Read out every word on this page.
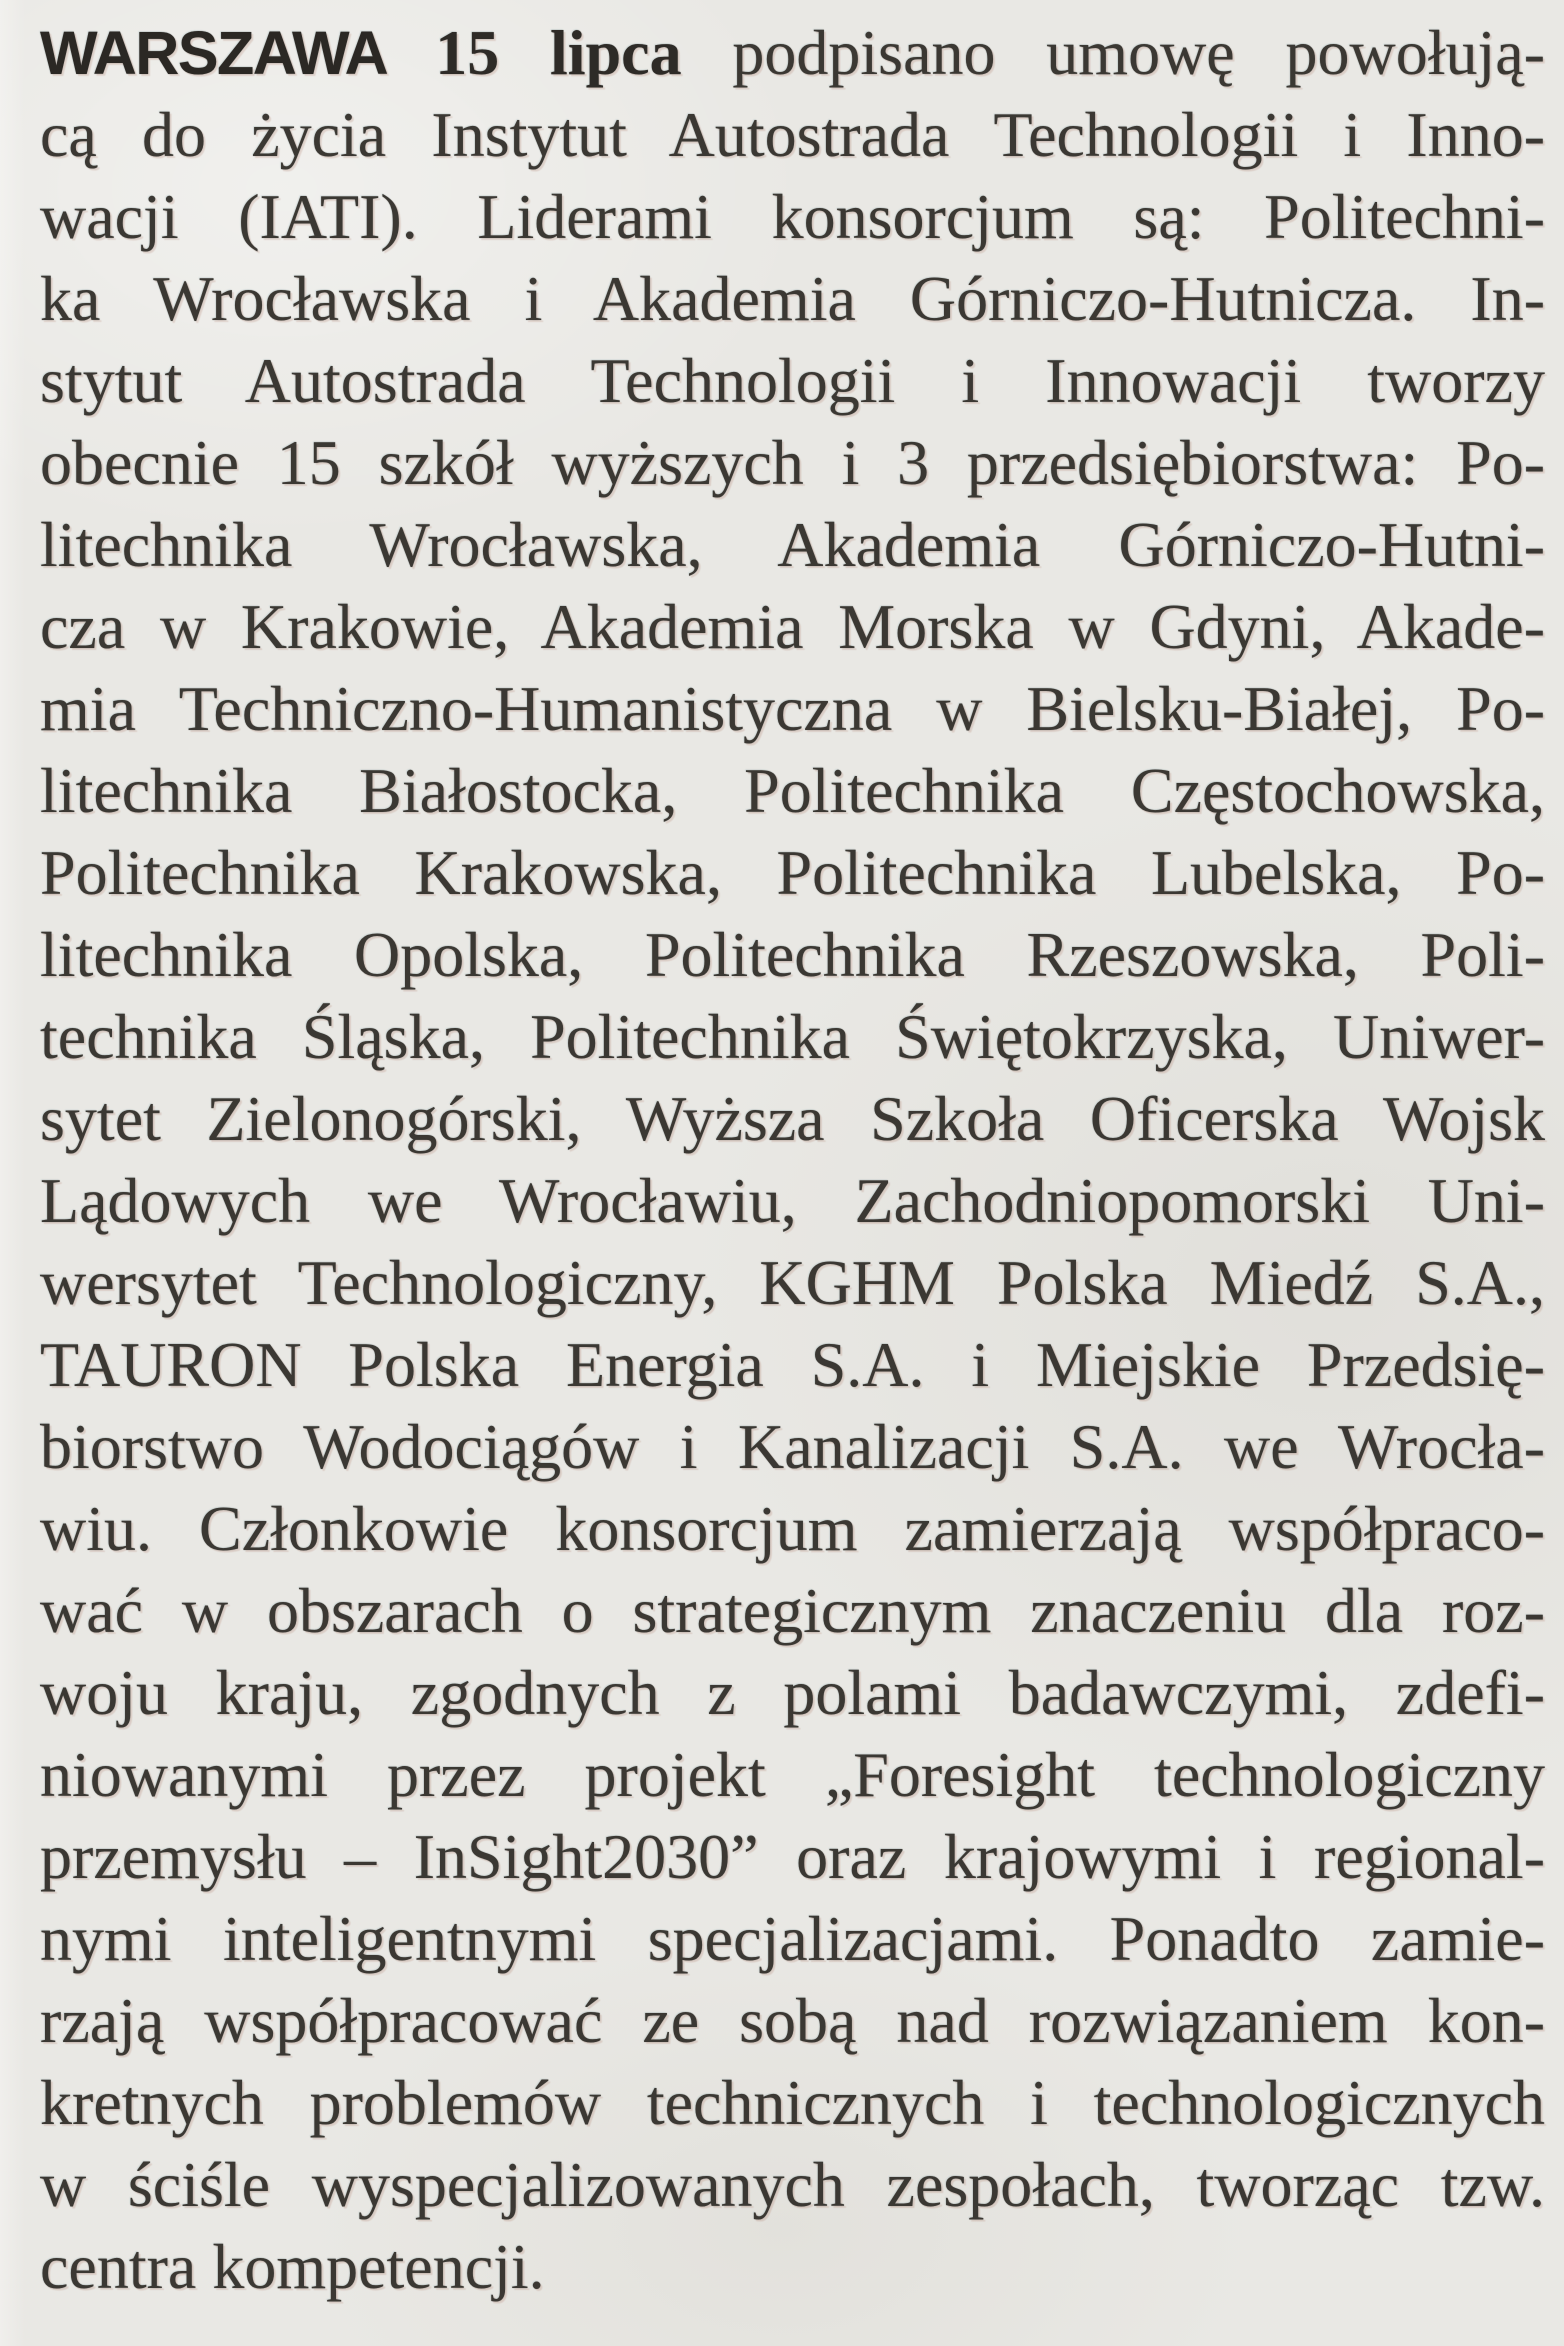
WARSZAWA 15 lipca podpisano umowę powołują-
cą do życia Instytut Autostrada Technologii i Inno-
wacji (IATI). Liderami konsorcjum są: Politechni-
ka Wrocławska i Akademia Górniczo-Hutnicza. In-
stytut Autostrada Technologii i Innowacji tworzy
obecnie 15 szkół wyższych i 3 przedsiębiorstwa: Po-
litechnika Wrocławska, Akademia Górniczo-Hutni-
cza w Krakowie, Akademia Morska w Gdyni, Akade-
mia Techniczno-Humanistyczna w Bielsku-Białej, Po-
litechnika Białostocka, Politechnika Częstochowska,
Politechnika Krakowska, Politechnika Lubelska, Po-
litechnika Opolska, Politechnika Rzeszowska, Poli-
technika Śląska, Politechnika Świętokrzyska, Uniwer-
sytet Zielonogórski, Wyższa Szkoła Oficerska Wojsk
Lądowych we Wrocławiu, Zachodniopomorski Uni-
wersytet Technologiczny, KGHM Polska Miedź S.A.,
TAURON Polska Energia S.A. i Miejskie Przedsię-
biorstwo Wodociągów i Kanalizacji S.A. we Wrocła-
wiu. Członkowie konsorcjum zamierzają współpraco-
wać w obszarach o strategicznym znaczeniu dla roz-
woju kraju, zgodnych z polami badawczymi, zdefi-
niowanymi przez projekt „Foresight technologiczny
przemysłu – InSight2030” oraz krajowymi i regional-
nymi inteligentnymi specjalizacjami. Ponadto zamie-
rzają współpracować ze sobą nad rozwiązaniem kon-
kretnych problemów technicznych i technologicznych
w ściśle wyspecjalizowanych zespołach, tworząc tzw.
centra kompetencji.
